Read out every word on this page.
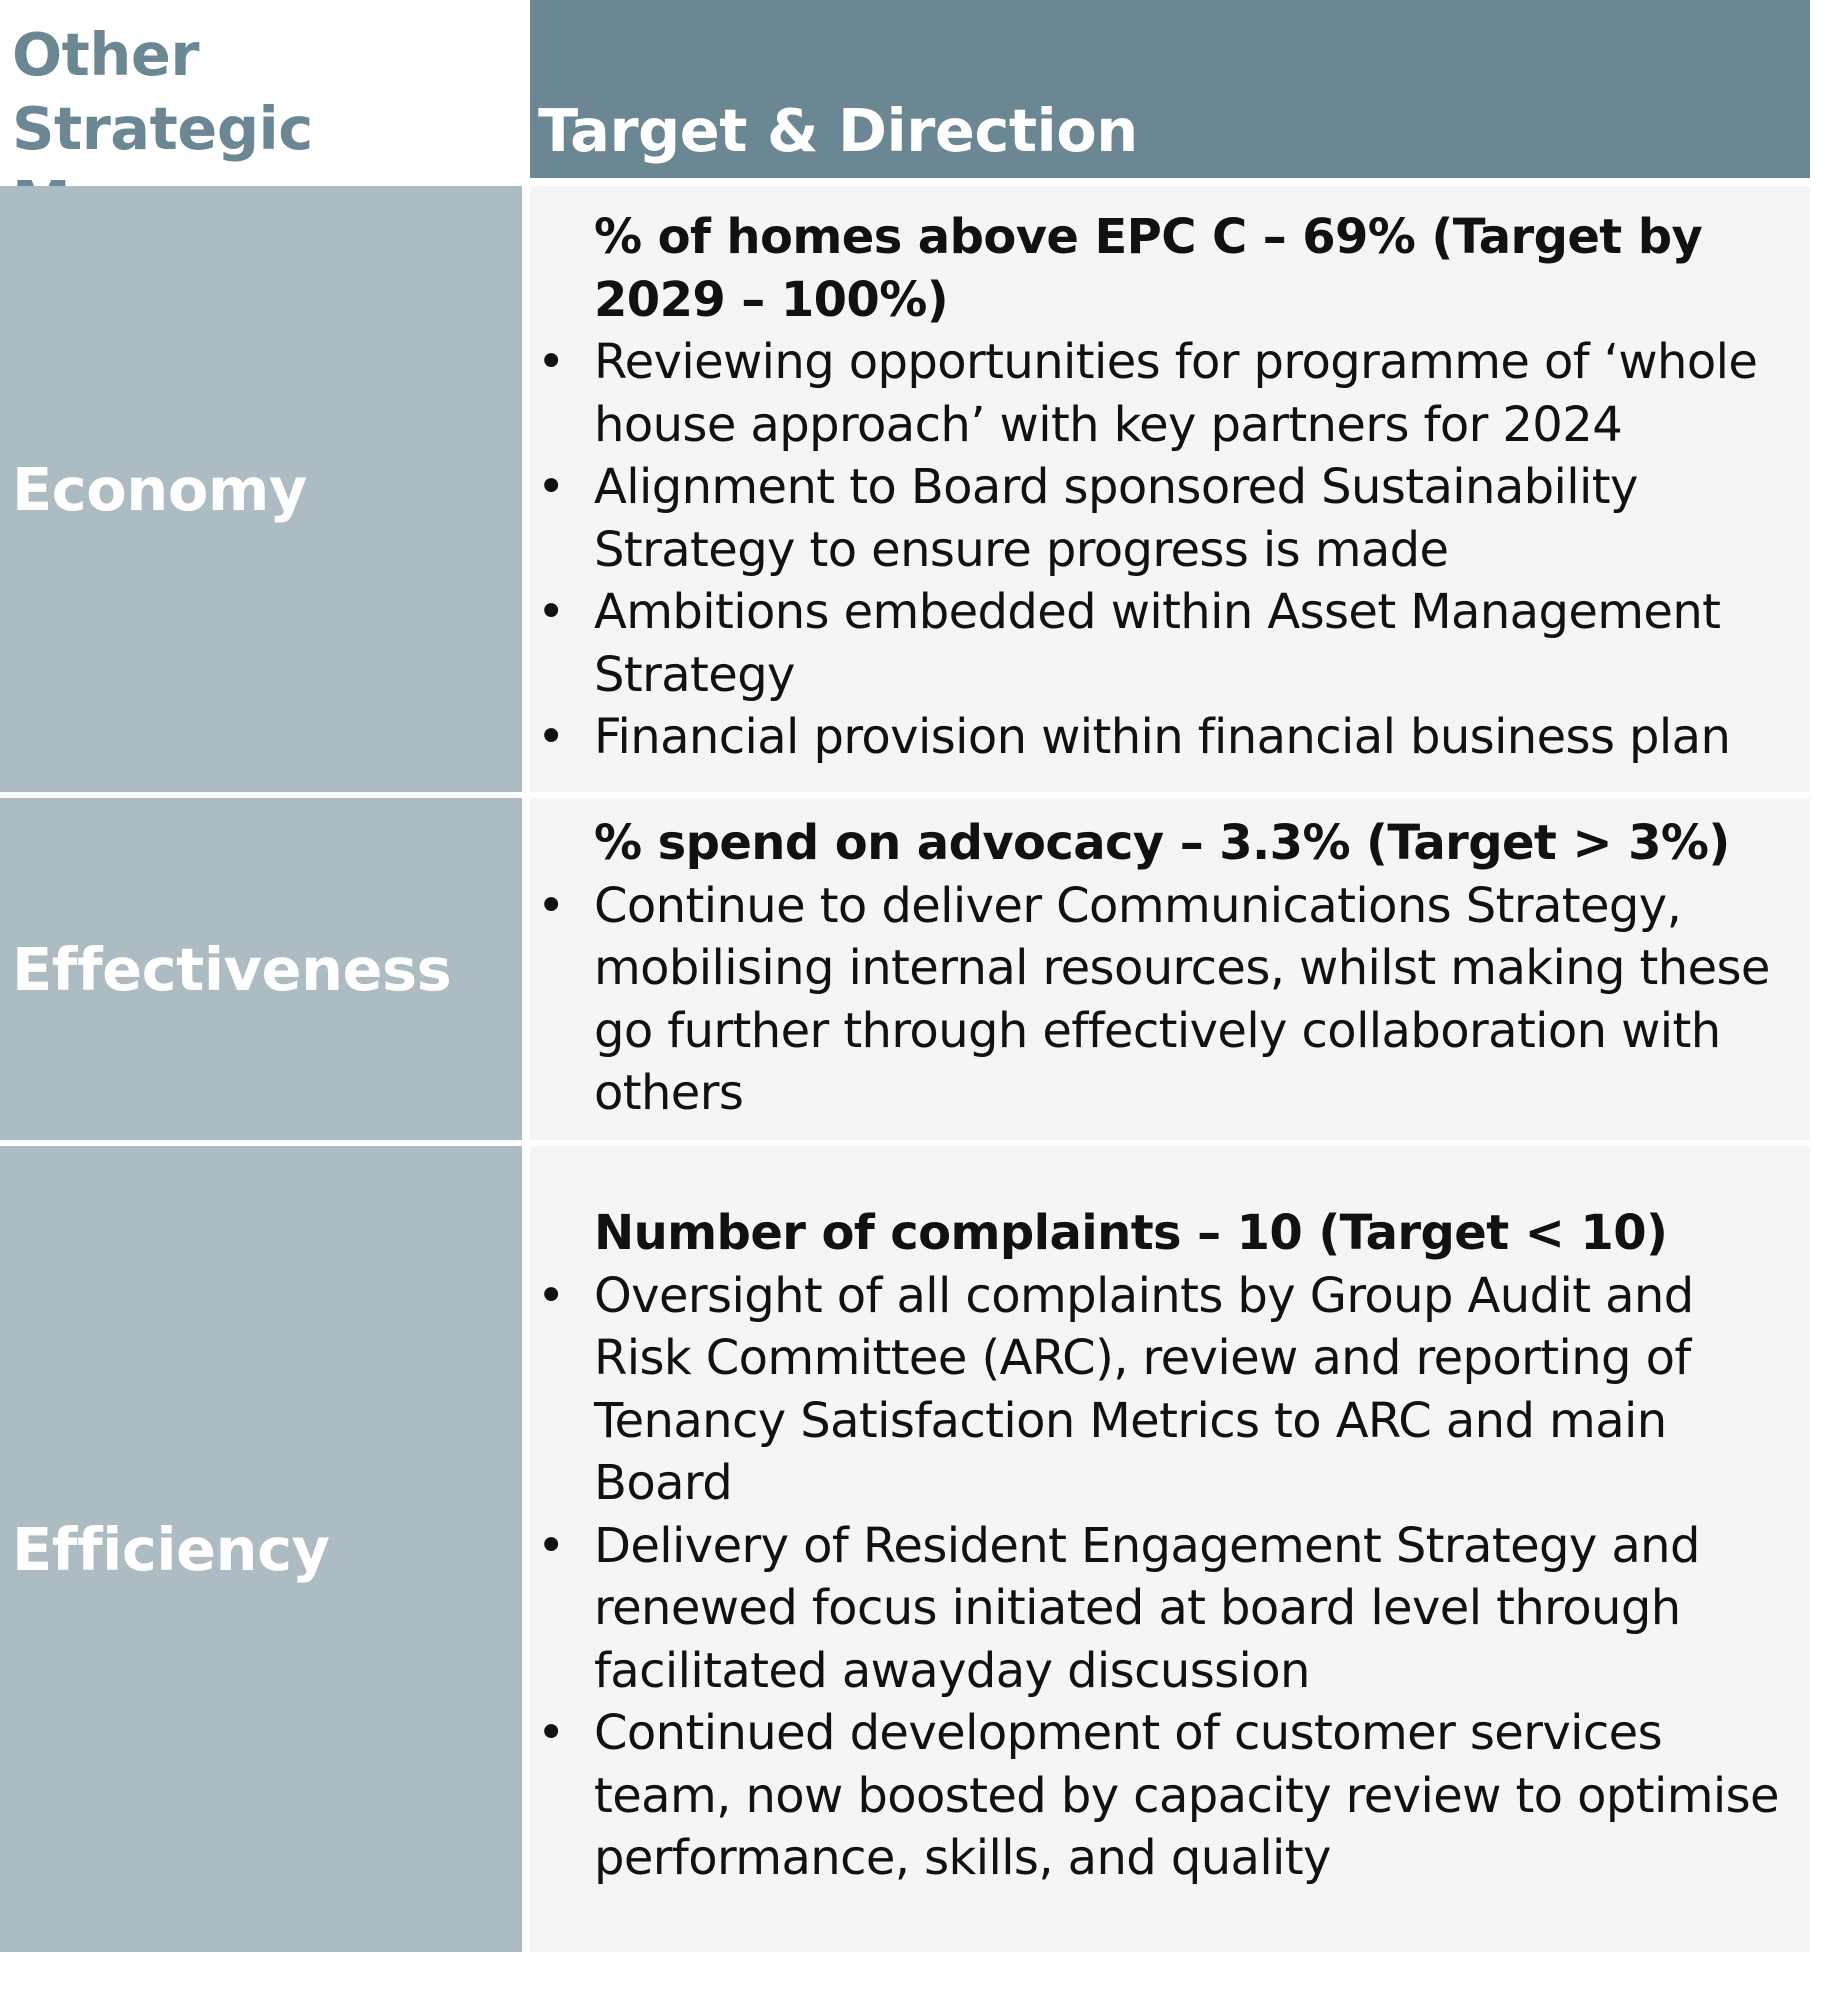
Other Strategic	Target & Direction
Economy
% of homes above EPC C – 69% (Target by 2029 – 100%)
• Reviewing opportunities for programme of ‘whole house approach’ with key partners for 2024
• Alignment to Board sponsored Sustainability Strategy to ensure progress is made
• Ambitions embedded within Asset Management Strategy
• Financial provision within financial business plan
Effectiveness
% spend on advocacy – 3.3% (Target > 3%)
• Continue to deliver Communications Strategy, mobilising internal resources, whilst making these go further through effectively collaboration with others
Efficiency
Number of complaints – 10 (Target < 10)
• Oversight of all complaints by Group Audit and Risk Committee (ARC), review and reporting of Tenancy Satisfaction Metrics to ARC and main Board
• Delivery of Resident Engagement Strategy and renewed focus initiated at board level through facilitated awayday discussion
• Continued development of customer services team, now boosted by capacity review to optimise performance, skills, and quality
